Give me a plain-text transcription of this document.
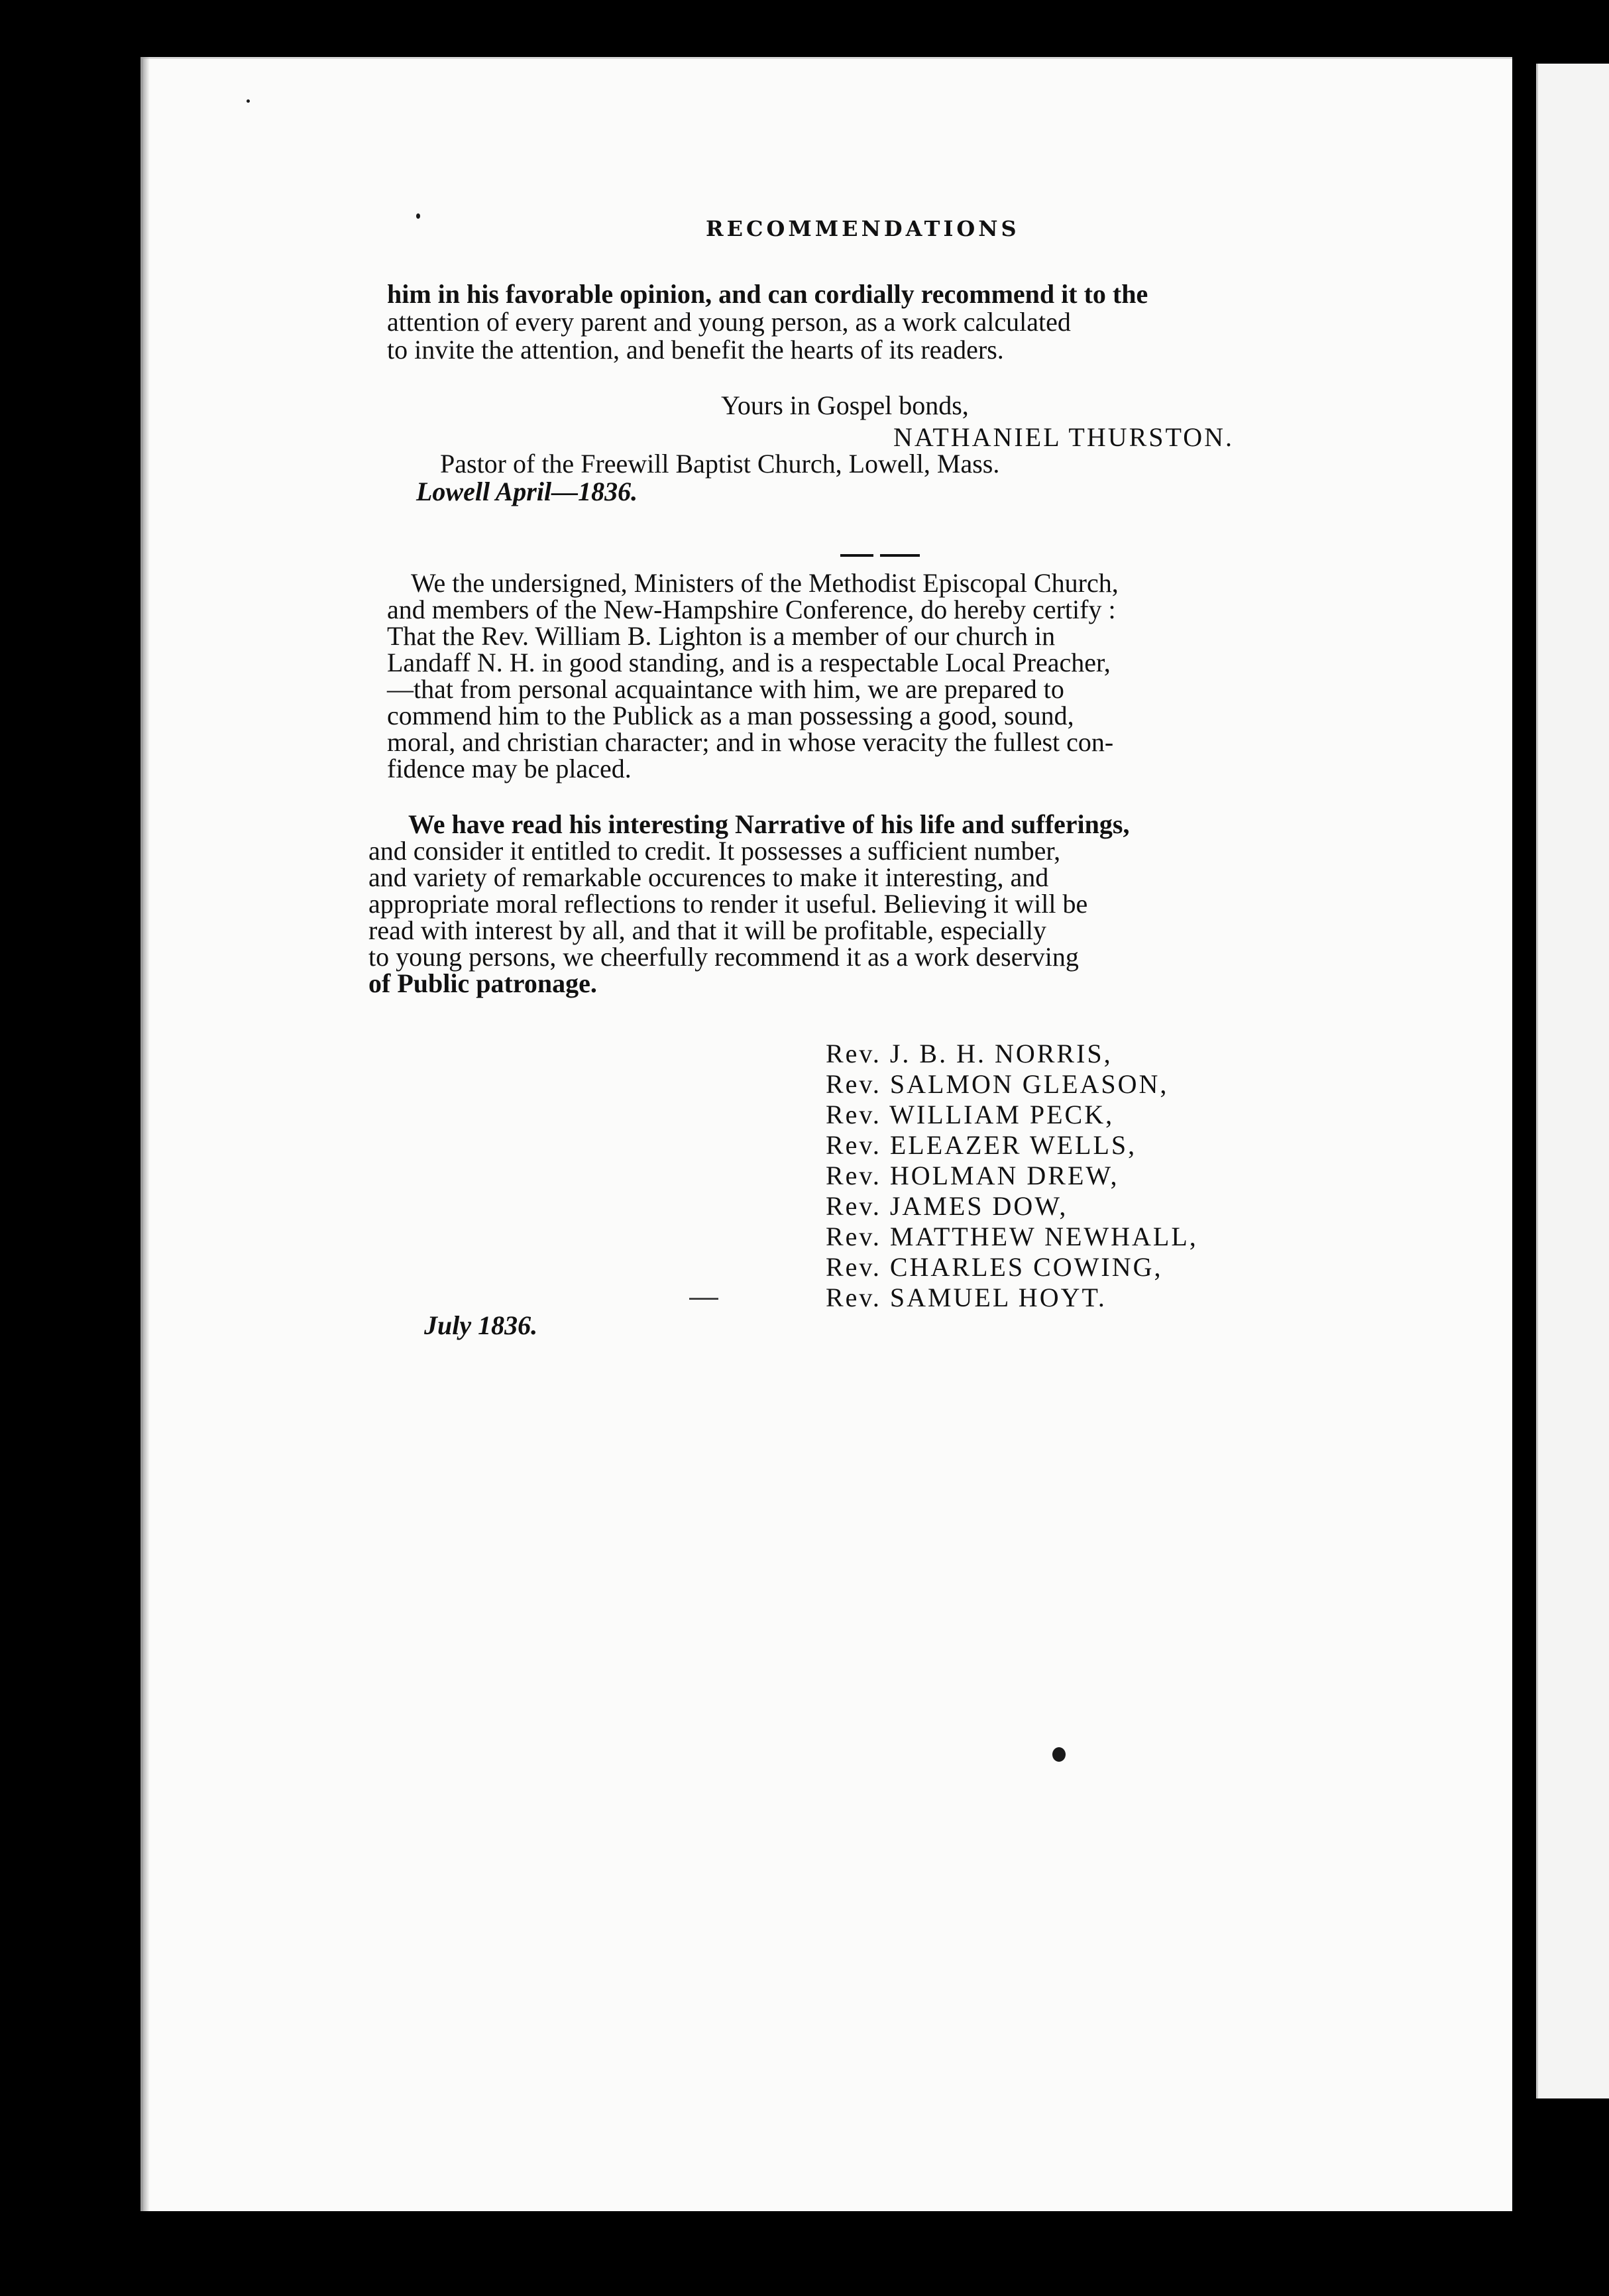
RECOMMENDATIONS
him in his favorable opinion, and can cordially recommend it to the
attention of every parent and young person, as a work calculated
to invite the attention, and benefit the hearts of its readers.
Yours in Gospel bonds,
NATHANIEL THURSTON.
Pastor of the Freewill Baptist Church, Lowell, Mass.
Lowell April—1836.
We the undersigned, Ministers of the Methodist Episcopal Church,
and members of the New-Hampshire Conference, do hereby certify :
That the Rev. William B. Lighton is a member of our church in
Landaff N. H. in good standing, and is a respectable Local Preacher,
—that from personal acquaintance with him, we are prepared to
commend him to the Publick as a man possessing a good, sound,
moral, and christian character; and in whose veracity the fullest con-
fidence may be placed.
We have read his interesting Narrative of his life and sufferings,
and consider it entitled to credit. It possesses a sufficient number,
and variety of remarkable occurences to make it interesting, and
appropriate moral reflections to render it useful. Believing it will be
read with interest by all, and that it will be profitable, especially
to young persons, we cheerfully recommend it as a work deserving
of Public patronage.
Rev. J. B. H. NORRIS,
Rev. SALMON GLEASON,
Rev. WILLIAM PECK,
Rev. ELEAZER WELLS,
Rev. HOLMAN DREW,
Rev. JAMES DOW,
Rev. MATTHEW NEWHALL,
Rev. CHARLES COWING,
Rev. SAMUEL HOYT.
July 1836.
